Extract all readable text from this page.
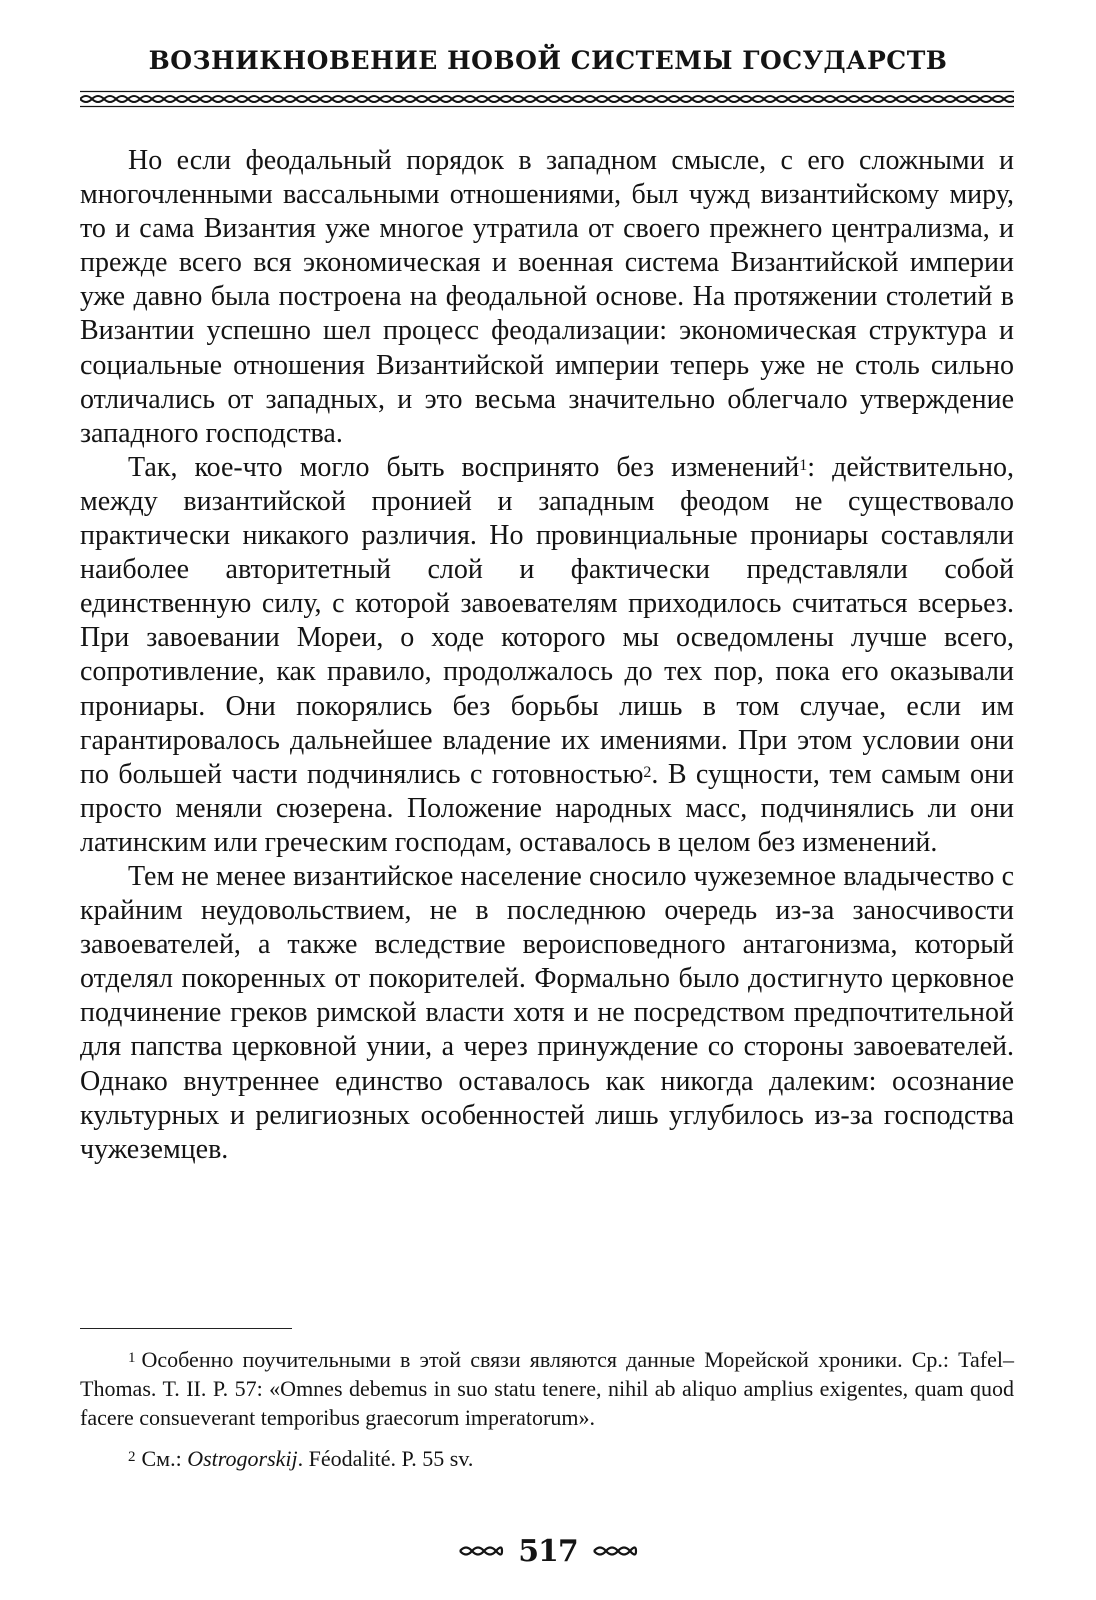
ВОЗНИКНОВЕНИЕ НОВОЙ СИСТЕМЫ ГОСУДАРСТВ

Но если феодальный порядок в западном смысле, с его сложными и многочленными вассальными отношениями, был чужд византийскому миру, то и сама Византия уже многое утратила от своего прежнего централизма, и прежде всего вся экономическая и военная система Византийской империи уже давно была построена на феодальной основе. На протяжении столетий в Византии успешно шел процесс феодализации: экономическая структура и социальные отношения Византийской империи теперь уже не столь сильно отличались от западных, и это весьма значительно облегчало утверждение западного господства.

Так, кое-что могло быть воспринято без изменений$^1$: действительно, между византийской пронией и западным феодом не существовало практически никакого различия. Но провинциальные прониары составляли наиболее авторитетный слой и фактически представляли собой единственную силу, с которой завоевателям приходилось считаться всерьез. При завоевании Мореи, о ходе которого мы осведомлены лучше всего, сопротивление, как правило, продолжалось до тех пор, пока его оказывали прониары. Они покорялись без борьбы лишь в том случае, если им гарантировалось дальнейшее владение их имениями. При этом условии они по большей части подчинялись с готовностью$^2$. В сущности, тем самым они просто меняли сюзерена. Положение народных масс, подчинялись ли они латинским или греческим господам, оставалось в целом без изменений.

Тем не менее византийское население сносило чужеземное владычество с крайним неудовольствием, не в последнюю очередь из-за заносчивости завоевателей, а также вследствие вероисповедного антагонизма, который отделял покоренных от покорителей. Формально было достигнуто церковное подчинение греков римской власти хотя и не посредством предпочтительной для папства церковной унии, а через принуждение со стороны завоевателей. Однако внутреннее единство оставалось как никогда далеким: осознание культурных и религиозных особенностей лишь углубилось из-за господства чужеземцев.

$^1$ Особенно поучительными в этой связи являются данные Морейской хроники. Ср.: Tafel–Thomas. T. II. P. 57: «Omnes debemus in suo statu tenere, nihil ab aliquo amplius exigentes, quam quod facere consueverant temporibus graecorum imperatorum».

$^2$ См.: Ostrogorskij. Féodalité. P. 55 sv.

517
